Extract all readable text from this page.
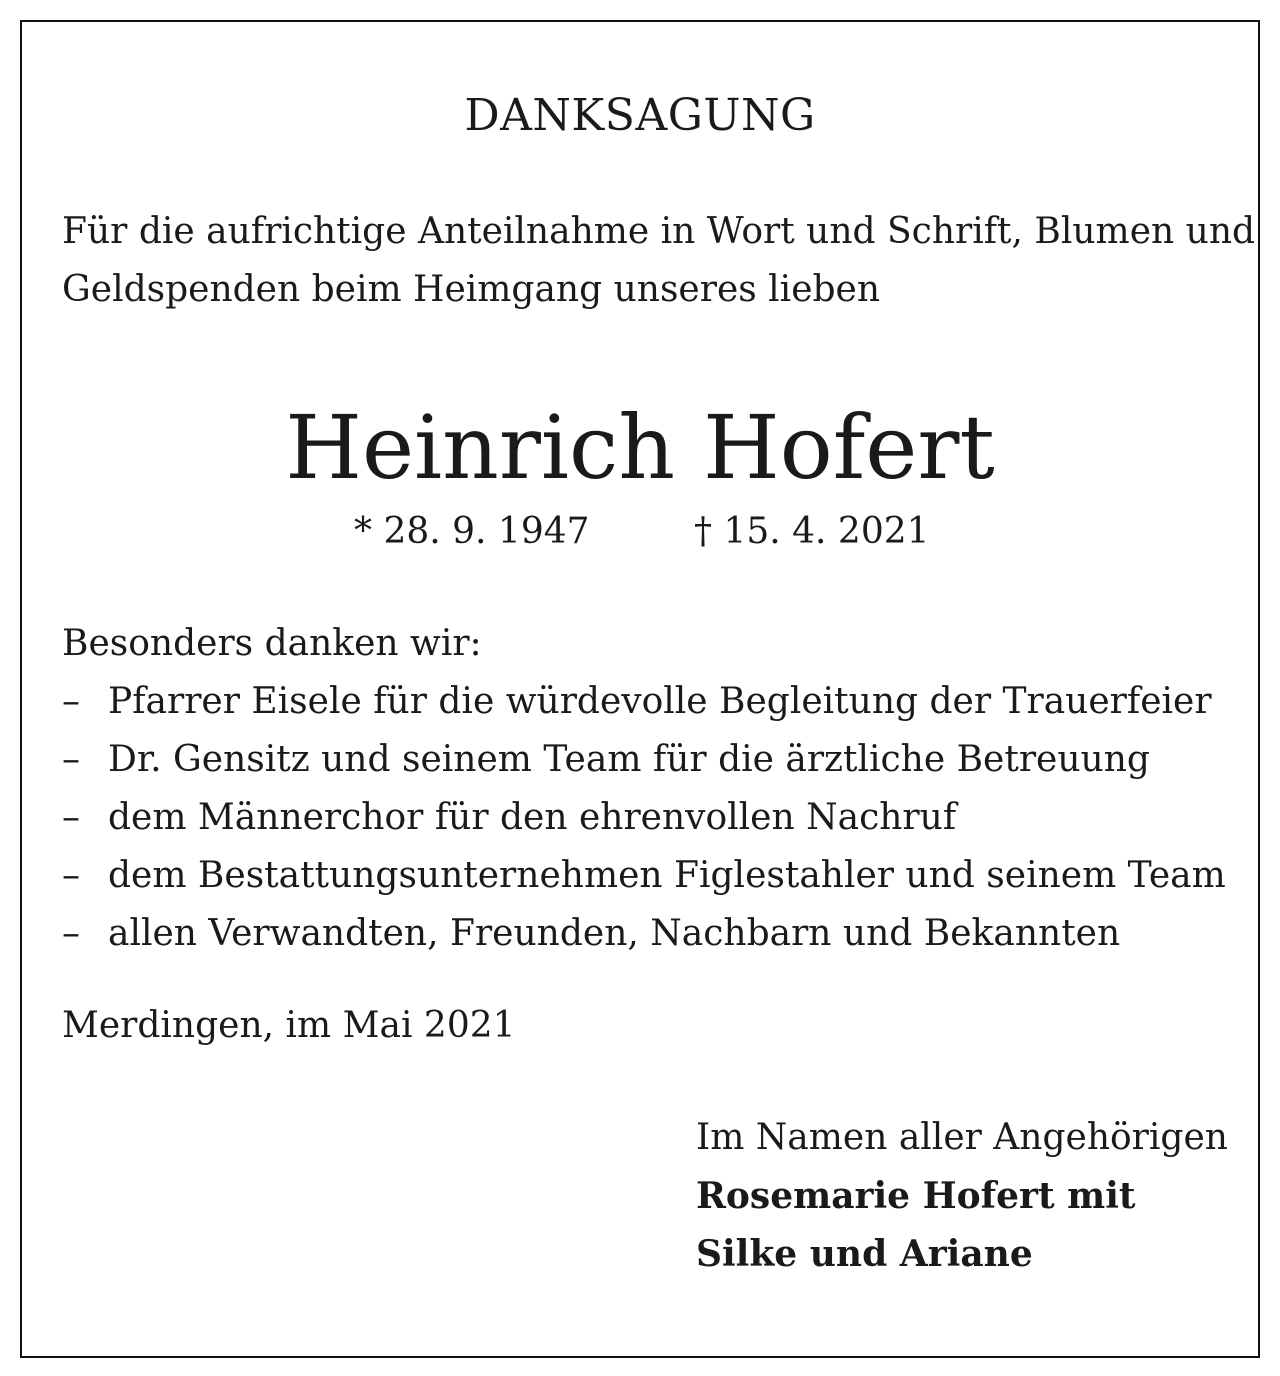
DANKSAGUNG
Für die aufrichtige Anteilnahme in Wort und Schrift, Blumen und
Geldspenden beim Heimgang unseres lieben
Heinrich Hofert
* 28. 9. 1947	† 15. 4. 2021
Besonders danken wir:
– Pfarrer Eisele für die würdevolle Begleitung der Trauerfeier
– Dr. Gensitz und seinem Team für die ärztliche Betreuung
– dem Männerchor für den ehrenvollen Nachruf
– dem Bestattungsunternehmen Figlestahler und seinem Team
– allen Verwandten, Freunden, Nachbarn und Bekannten
Merdingen, im Mai 2021
Im Namen aller Angehörigen
Rosemarie Hofert mit
Silke und Ariane
